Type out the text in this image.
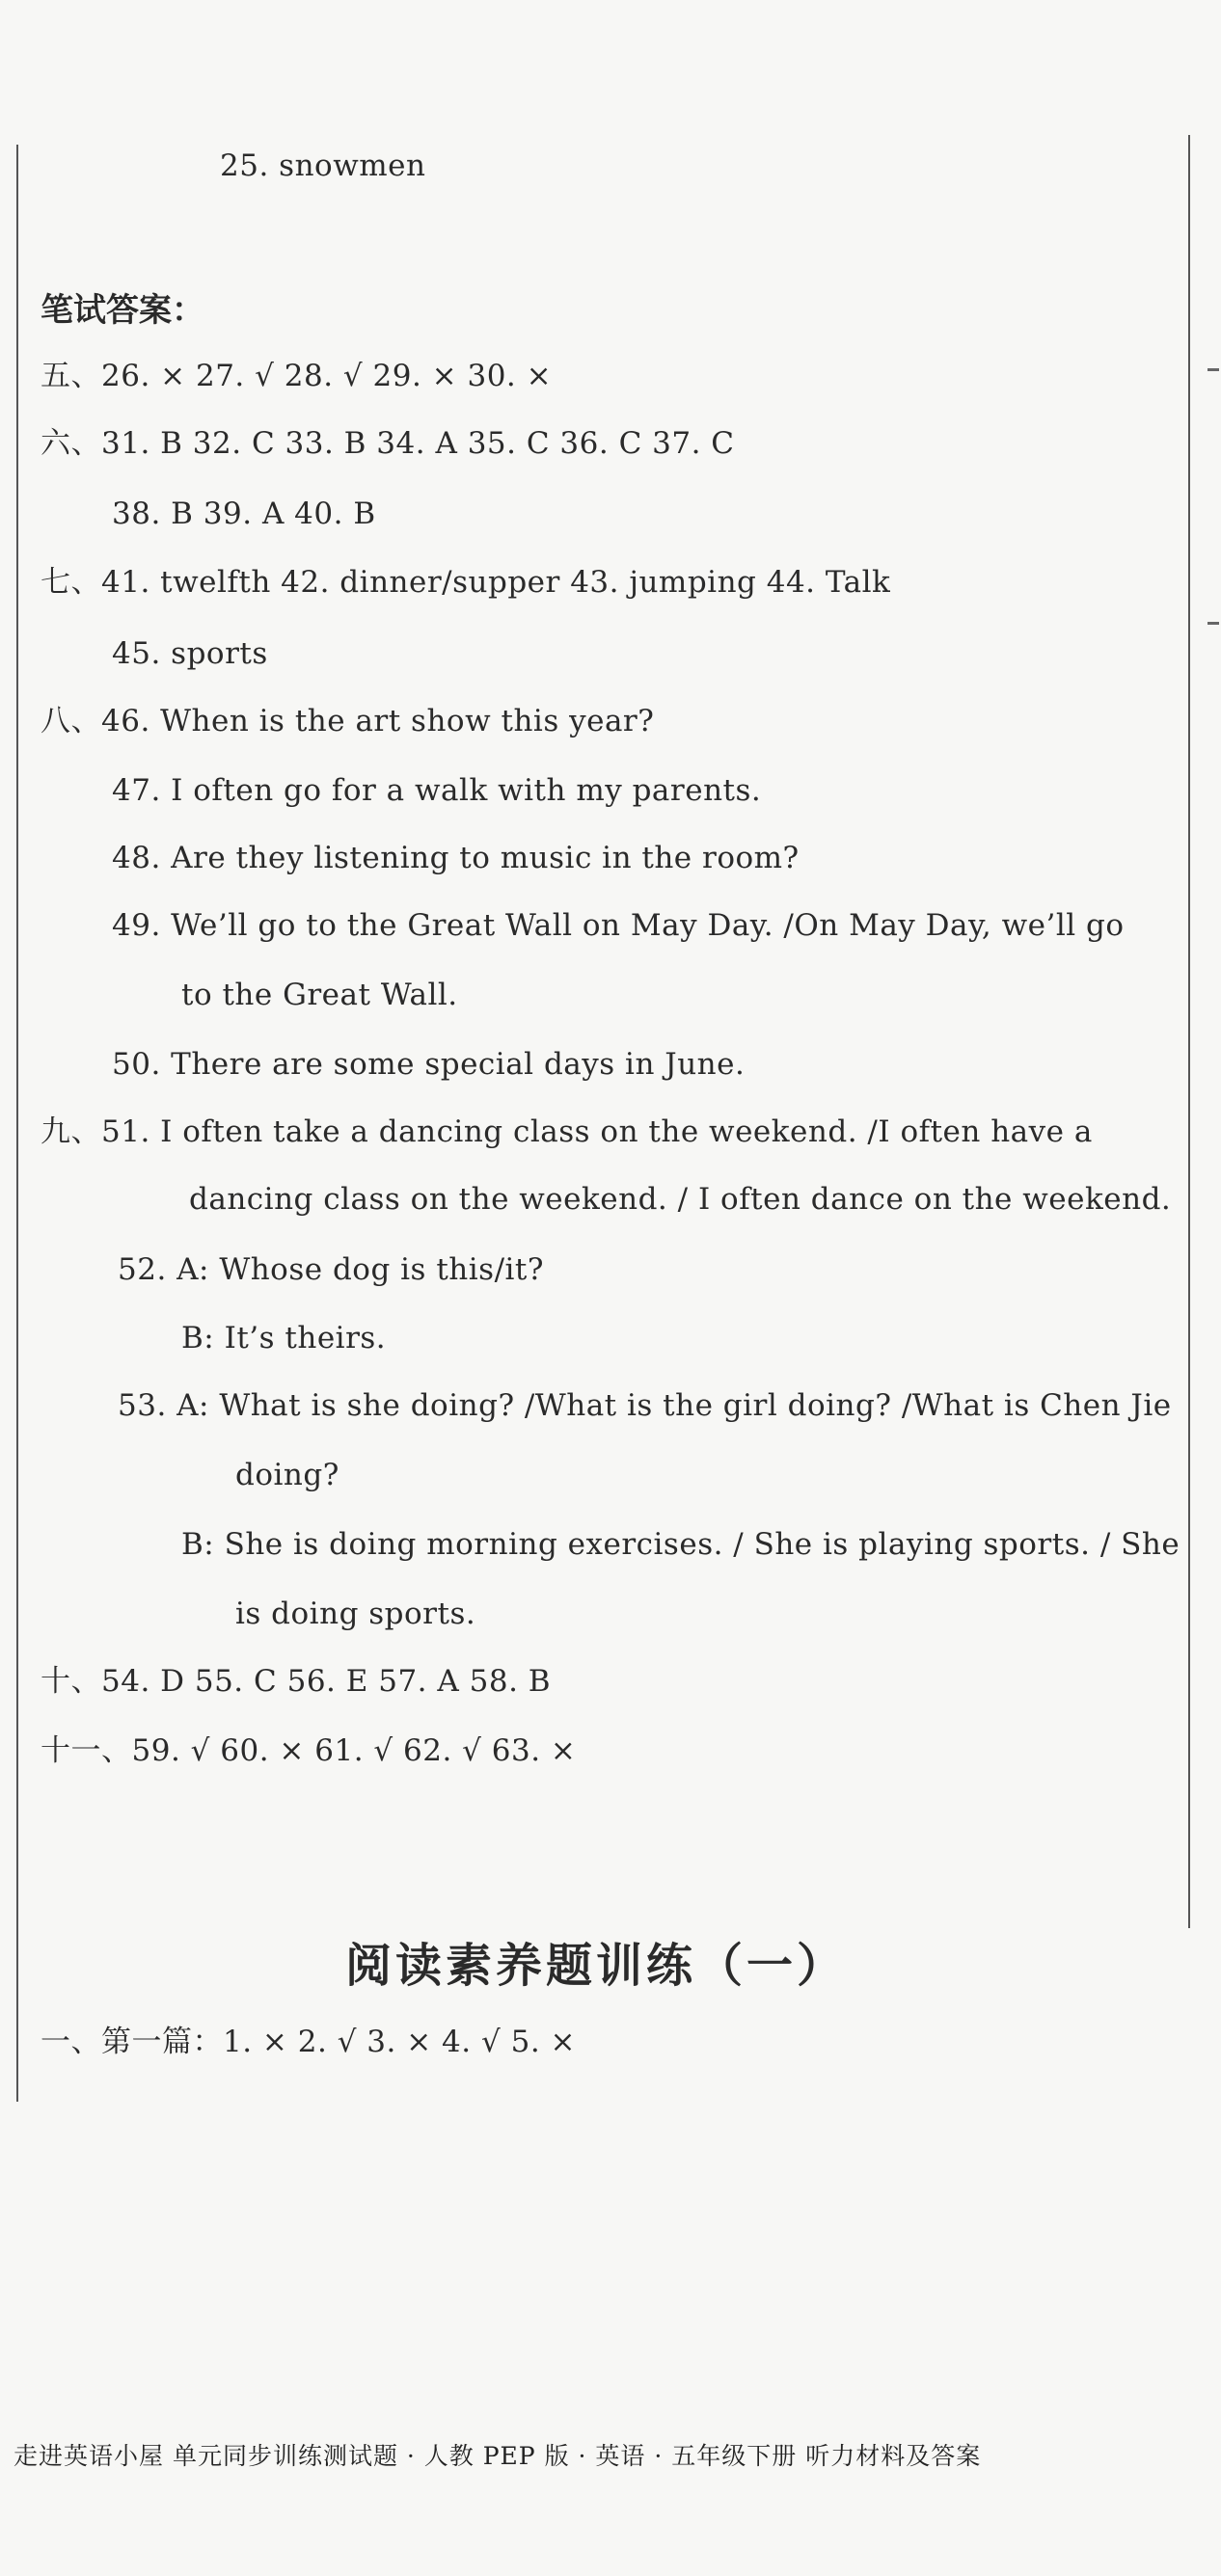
25. snowmen
笔试答案：
五、26. × 27. √ 28. √ 29. × 30. ×
六、31. B 32. C 33. B 34. A 35. C 36. C 37. C
38. B 39. A 40. B
七、41. twelfth 42. dinner/supper 43. jumping 44. Talk
45. sports
八、46. When is the art show this year?
47. I often go for a walk with my parents.
48. Are they listening to music in the room?
49. We’ll go to the Great Wall on May Day. /On May Day, we’ll go
to the Great Wall.
50. There are some special days in June.
九、51. I often take a dancing class on the weekend. /I often have a
dancing class on the weekend. / I often dance on the weekend.
52. A: Whose dog is this/it?
B: It’s theirs.
53. A: What is she doing? /What is the girl doing? /What is Chen Jie
doing?
B: She is doing morning exercises. / She is playing sports. / She
is doing sports.
十、54. D 55. C 56. E 57. A 58. B
十一、59. √ 60. × 61. √ 62. √ 63. ×
阅读素养题训练（一）
一、第一篇：1. × 2. √ 3. × 4. √ 5. ×
走进英语小屋 单元同步训练测试题 · 人教 PEP 版 · 英语 · 五年级下册 听力材料及答案
